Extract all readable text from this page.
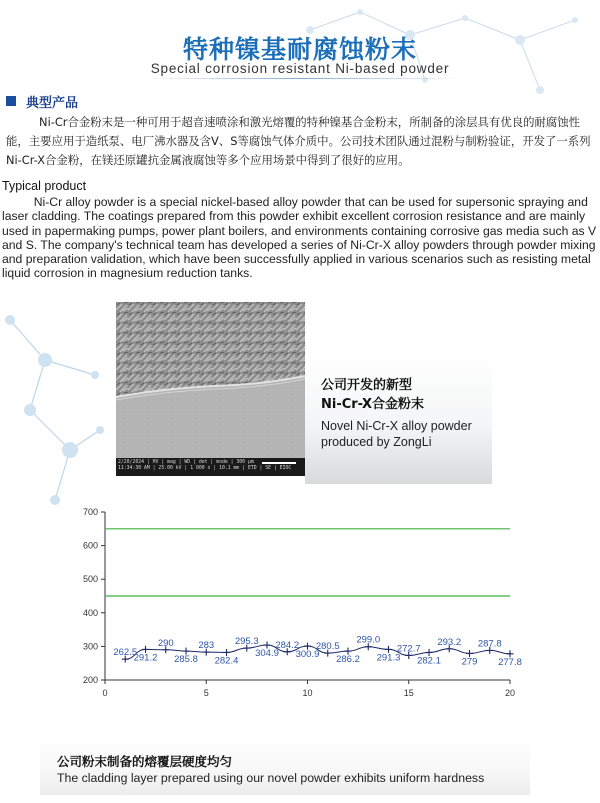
特种镍基耐腐蚀粉末
Special corrosion resistant Ni-based powder
典型产品
Ni-Cr合金粉末是一种可用于超音速喷涂和激光熔覆的特种镍基合金粉末，所制备的涂层具有优良的耐腐蚀性能，主要应用于造纸泵、电厂沸水器及含V、S等腐蚀气体介质中。公司技术团队通过混粉与制粉验证，开发了一系列Ni-Cr-X合金粉，在镁还原罐抗金属液腐蚀等多个应用场景中得到了很好的应用。
Typical product
Ni-Cr alloy powder is a special nickel-based alloy powder that can be used for supersonic spraying and laser cladding. The coatings prepared from this powder exhibit excellent corrosion resistance and are mainly used in papermaking pumps, power plant boilers, and environments containing corrosive gas media such as V and S. The company's technical team has developed a series of Ni-Cr-X alloy powders through powder mixing and preparation validation, which have been successfully applied in various scenarios such as resisting metal liquid corrosion in magnesium reduction tanks.
2/20/2024 | HV | mag | WD | det | mode | 300 µm
11:34:30 AM | 25.00 kV | 1 000 x | 10.1 mm | ETD
公司开发的新型
Ni-Cr-X合金粉末
Novel Ni-Cr-X alloy powder
produced by ZongLi
200
300
400
500
600
700
0	5	10	15	20
262.5
291.2
290
285.8
283
282.4
295.3
304.9
284.2
300.9
280.5
286.2
299.0
291.3
272.7
282.1
293.2
279
287.8
277.8
公司粉末制备的熔覆层硬度均匀
The cladding layer prepared using our novel powder exhibits uniform hardness
